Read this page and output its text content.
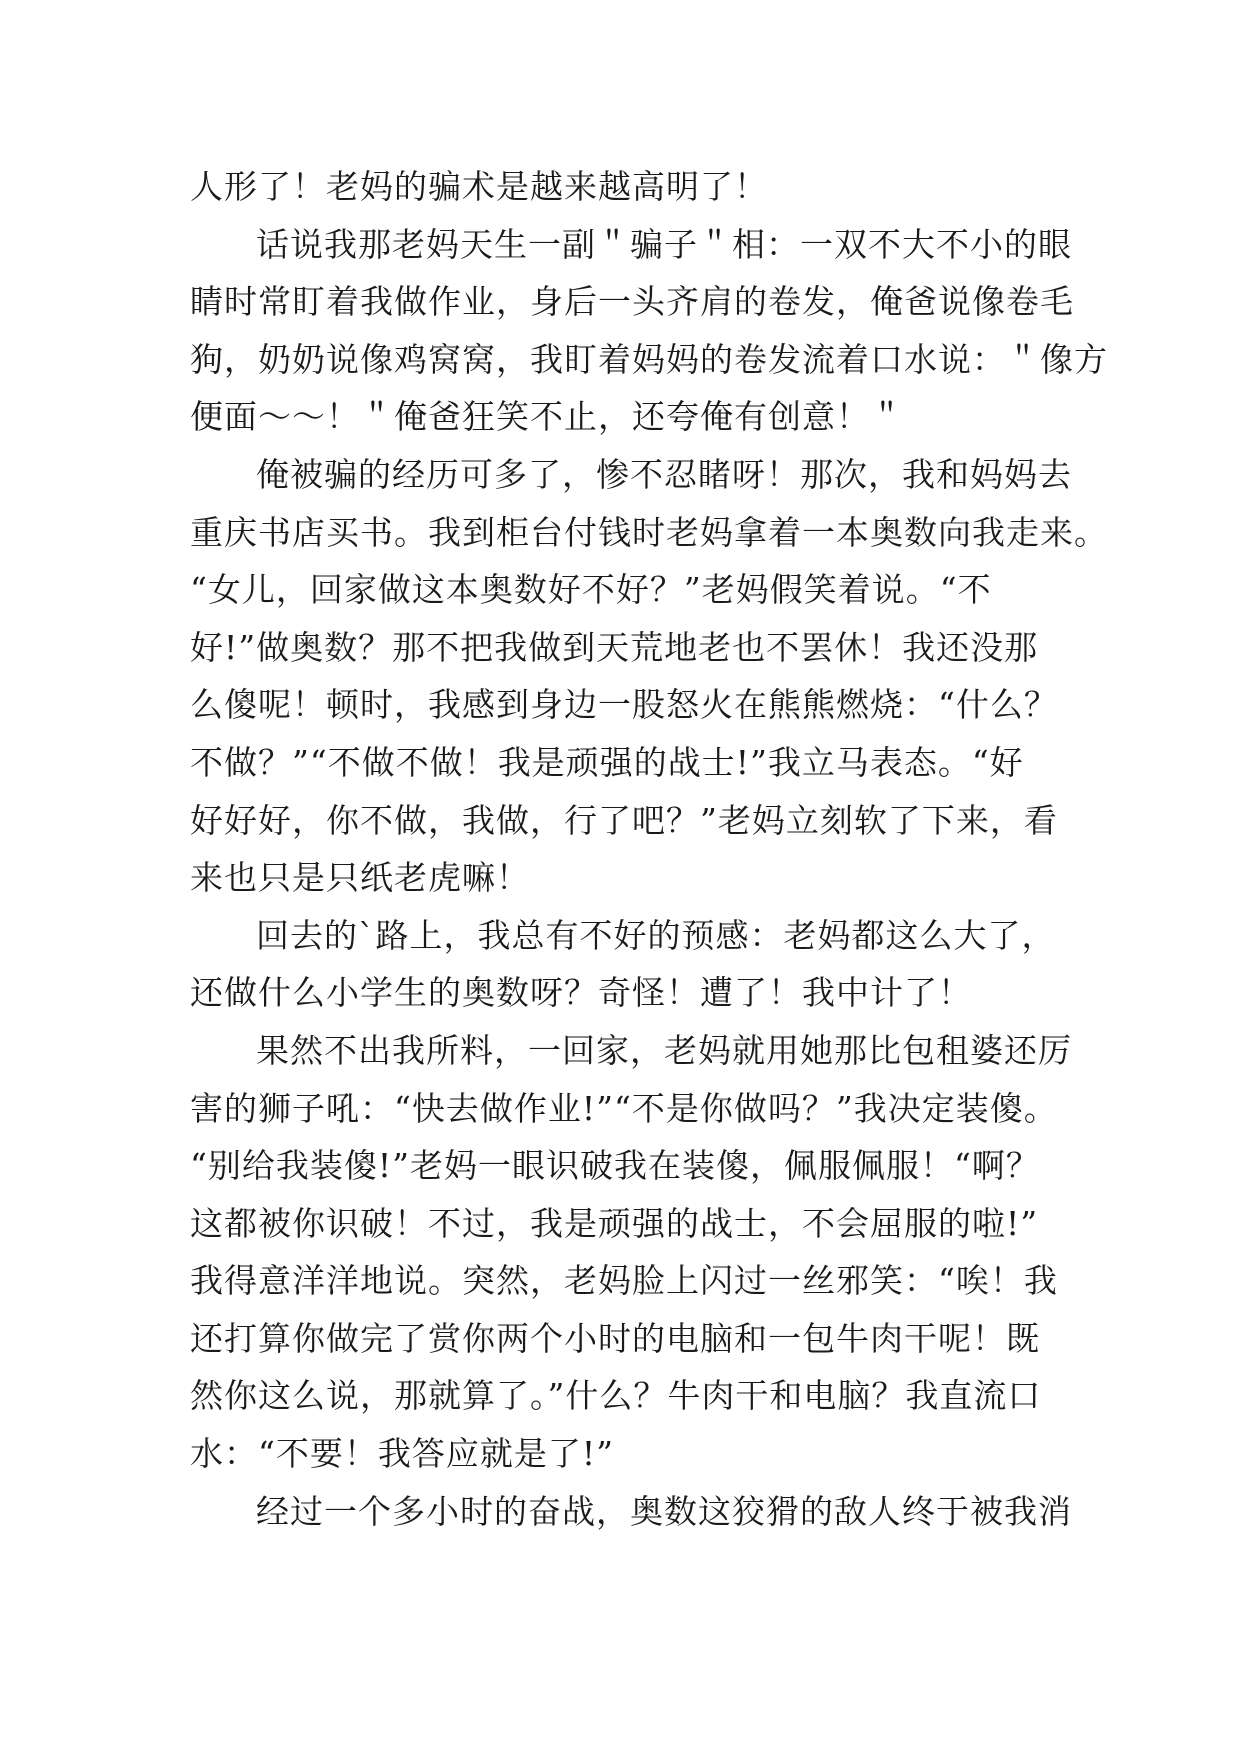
人形了！老妈的骗术是越来越高明了！
话说我那老妈天生一副＂骗子＂相：一双不大不小的眼
睛时常盯着我做作业，身后一头齐肩的卷发，俺爸说像卷毛
狗，奶奶说像鸡窝窝，我盯着妈妈的卷发流着口水说：＂像方
便面～～！＂俺爸狂笑不止，还夸俺有创意！＂
俺被骗的经历可多了，惨不忍睹呀！那次，我和妈妈去
重庆书店买书。我到柜台付钱时老妈拿着一本奥数向我走来。
“女儿，回家做这本奥数好不好？”老妈假笑着说。“不
好!”做奥数？那不把我做到天荒地老也不罢休！我还没那
么傻呢！顿时，我感到身边一股怒火在熊熊燃烧：“什么？
不做？”“不做不做！我是顽强的战士!”我立马表态。“好
好好好，你不做，我做，行了吧？”老妈立刻软了下来，看
来也只是只纸老虎嘛！
回去的`路上，我总有不好的预感：老妈都这么大了，
还做什么小学生的奥数呀？奇怪！遭了！我中计了！
果然不出我所料，一回家，老妈就用她那比包租婆还厉
害的狮子吼：“快去做作业!”“不是你做吗？”我决定装傻。
“别给我装傻!”老妈一眼识破我在装傻，佩服佩服！“啊？
这都被你识破！不过，我是顽强的战士，不会屈服的啦!”
我得意洋洋地说。突然，老妈脸上闪过一丝邪笑：“唉！我
还打算你做完了赏你两个小时的电脑和一包牛肉干呢！既
然你这么说，那就算了。”什么？牛肉干和电脑？我直流口
水：“不要！我答应就是了!”
经过一个多小时的奋战，奥数这狡猾的敌人终于被我消
